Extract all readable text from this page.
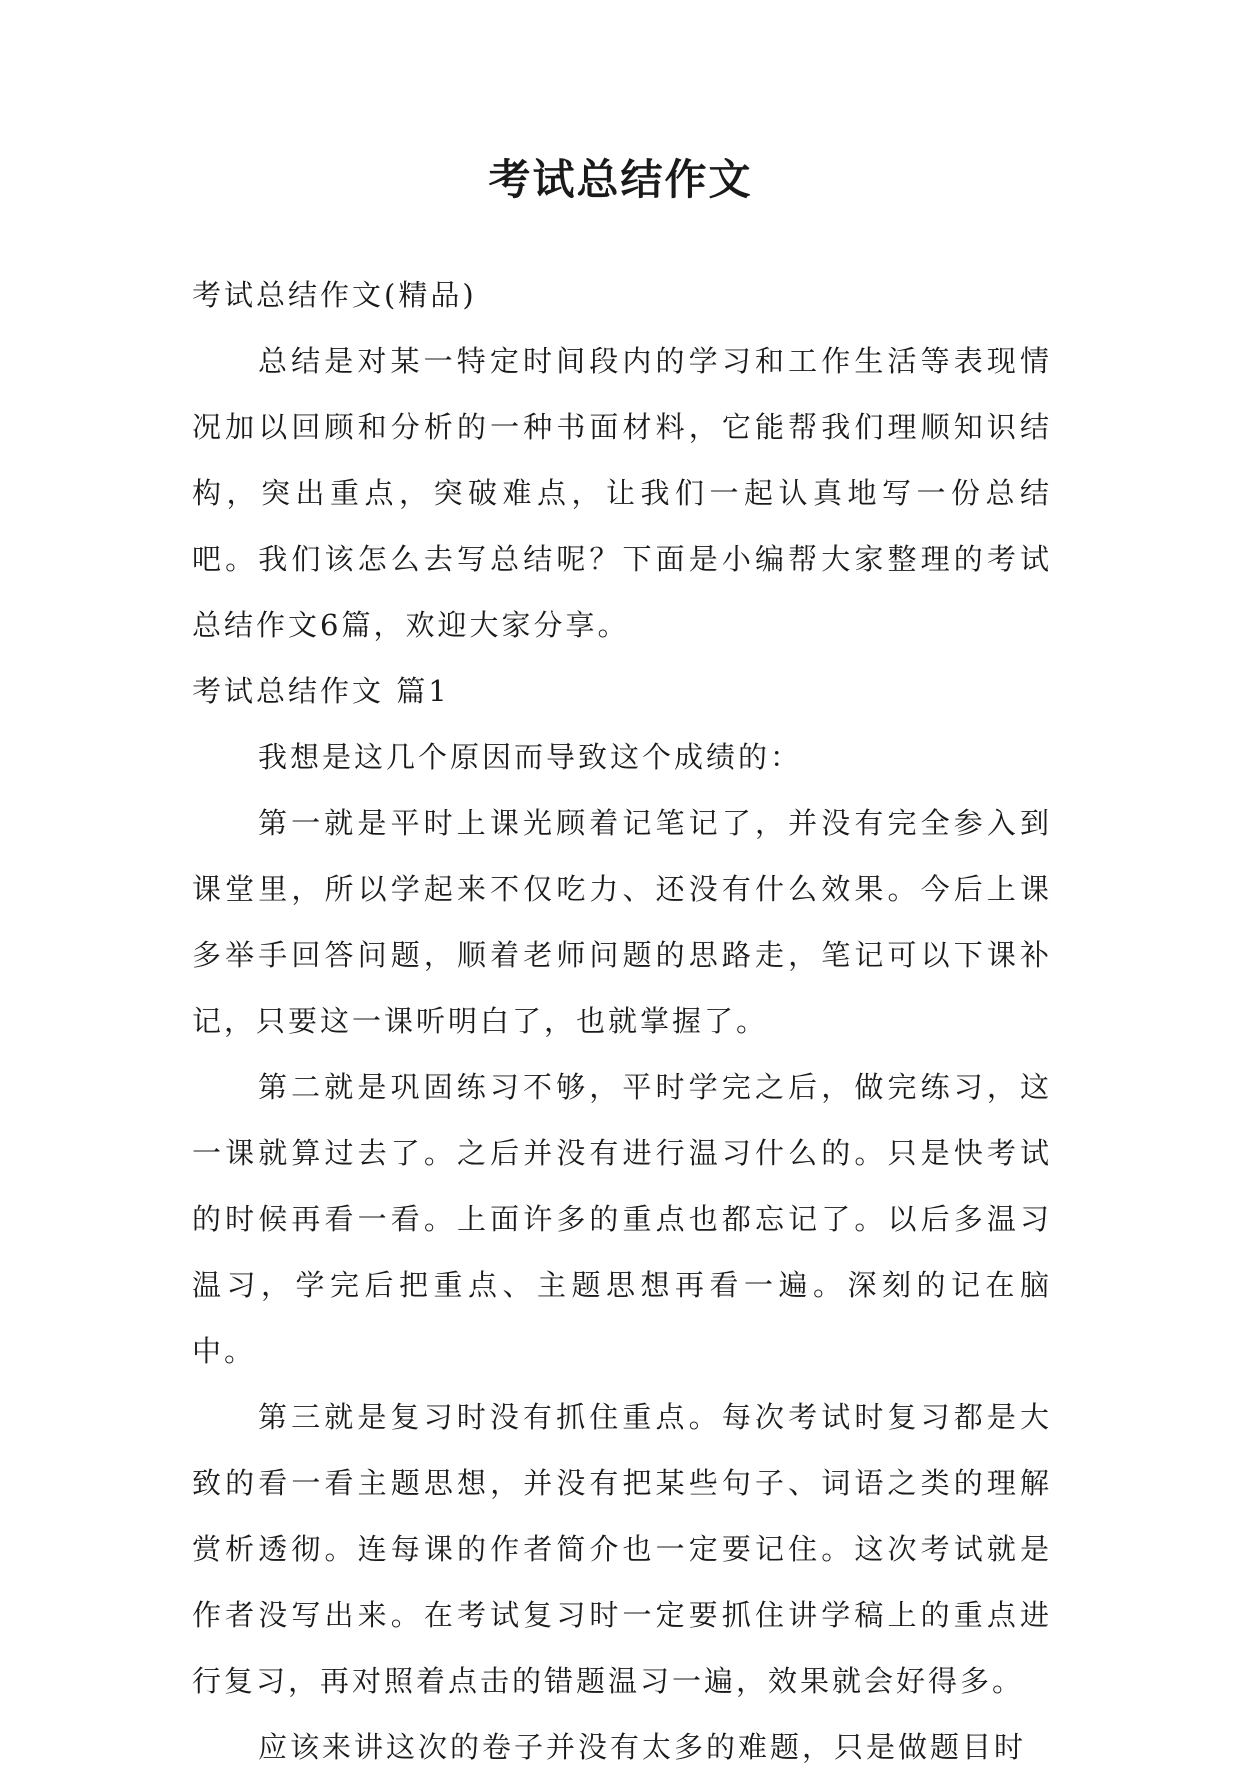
考试总结作文

考试总结作文(精品)

总结是对某一特定时间段内的学习和工作生活等表现情况加以回顾和分析的一种书面材料，它能帮我们理顺知识结构，突出重点，突破难点，让我们一起认真地写一份总结吧。我们该怎么去写总结呢？下面是小编帮大家整理的考试总结作文6篇，欢迎大家分享。

考试总结作文 篇1

我想是这几个原因而导致这个成绩的：

第一就是平时上课光顾着记笔记了，并没有完全参入到课堂里，所以学起来不仅吃力、还没有什么效果。今后上课多举手回答问题，顺着老师问题的思路走，笔记可以下课补记，只要这一课听明白了，也就掌握了。

第二就是巩固练习不够，平时学完之后，做完练习，这一课就算过去了。之后并没有进行温习什么的。只是快考试的时候再看一看。上面许多的重点也都忘记了。以后多温习温习，学完后把重点、主题思想再看一遍。深刻的记在脑中。

第三就是复习时没有抓住重点。每次考试时复习都是大致的看一看主题思想，并没有把某些句子、词语之类的理解赏析透彻。连每课的作者简介也一定要记住。这次考试就是作者没写出来。在考试复习时一定要抓住讲学稿上的重点进行复习，再对照着点击的错题温习一遍，效果就会好得多。

应该来讲这次的卷子并没有太多的难题，只是做题目时
